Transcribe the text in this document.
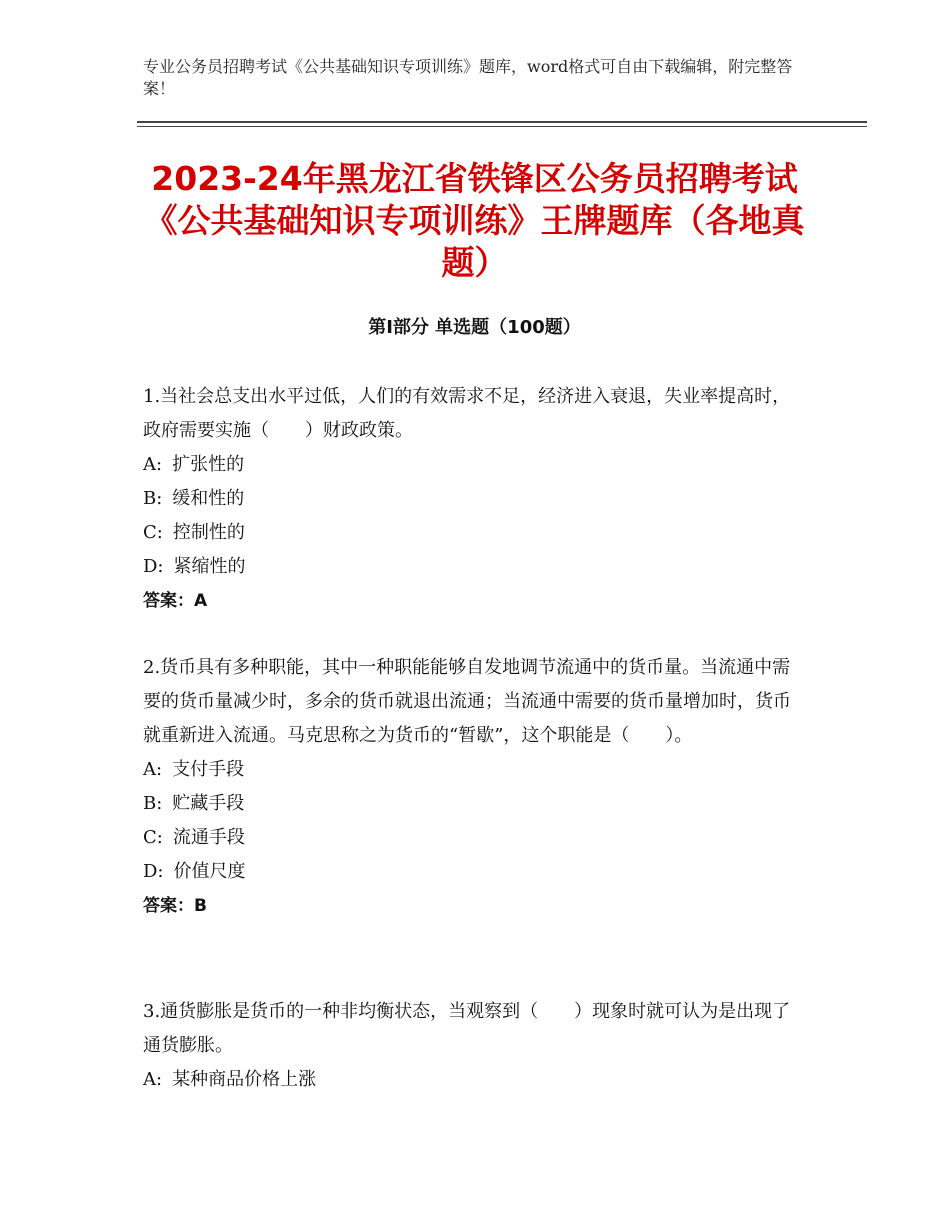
专业公务员招聘考试《公共基础知识专项训练》题库，word格式可自由下载编辑，附完整答案！
2023-24年黑龙江省铁锋区公务员招聘考试《公共基础知识专项训练》王牌题库（各地真题）
第I部分 单选题（100题）

1.当社会总支出水平过低，人们的有效需求不足，经济进入衰退，失业率提高时，政府需要实施（　　）财政政策。

A: 扩张性的

B: 缓和性的

C: 控制性的

D: 紧缩性的

答案：A

2.货币具有多种职能，其中一种职能能够自发地调节流通中的货币量。当流通中需要的货币量减少时，多余的货币就退出流通；当流通中需要的货币量增加时，货币就重新进入流通。马克思称之为货币的“暂歇”，这个职能是（　　）。

A: 支付手段

B: 贮藏手段

C: 流通手段

D: 价值尺度

答案：B

3.通货膨胀是货币的一种非均衡状态，当观察到（　　）现象时就可认为是出现了通货膨胀。

A: 某种商品价格上涨
